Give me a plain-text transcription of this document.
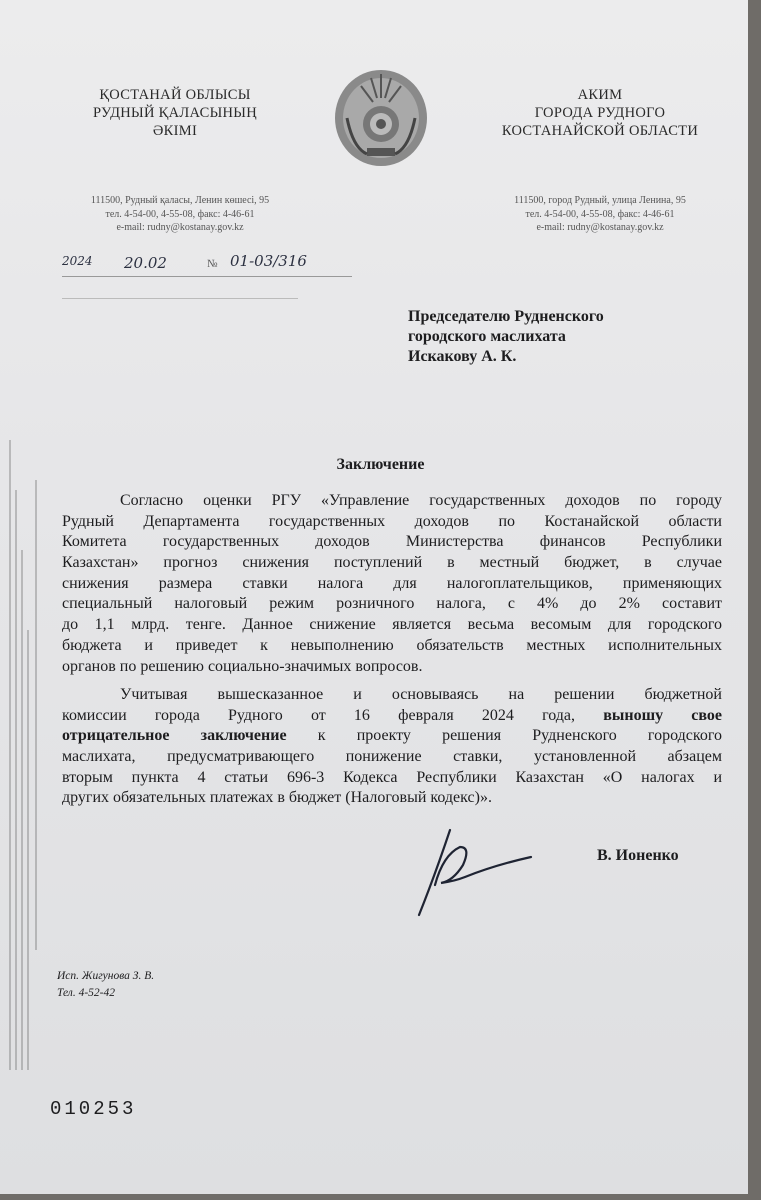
ҚОСТАНАЙ ОБЛЫСЫ
РУДНЫЙ ҚАЛАСЫНЫҢ
ӘКІМІ
АКИМ
ГОРОДА РУДНОГО
КОСТАНАЙСКОЙ ОБЛАСТИ
111500, Рудный қаласы, Ленин көшесі, 95
тел. 4-54-00, 4-55-08, факс: 4-46-61
e-mail: rudny@kostanay.gov.kz
111500, город Рудный, улица Ленина, 95
тел. 4-54-00, 4-55-08, факс: 4-46-61
e-mail: rudny@kostanay.gov.kz
2024 20.02	№ 01-03/316
Председателю Рудненского
городского маслихата
Искакову А. К.
Заключение
Согласно оценки РГУ «Управление государственных доходов по городу
Рудный Департамента государственных доходов по Костанайской области
Комитета государственных доходов Министерства финансов Республики
Казахстан» прогноз снижения поступлений в местный бюджет, в случае
снижения размера ставки налога для налогоплательщиков, применяющих
специальный налоговый режим розничного налога, с 4% до 2% составит
до 1,1 млрд. тенге. Данное снижение является весьма весомым для городского
бюджета и приведет к невыполнению обязательств местных исполнительных
органов по решению социально-значимых вопросов.
Учитывая вышесказанное и основываясь на решении бюджетной
комиссии города Рудного от 16 февраля 2024 года, выношу свое
отрицательное заключение к проекту решения Рудненского городского
маслихата, предусматривающего понижение ставки, установленной абзацем
вторым пункта 4 статьи 696-3 Кодекса Республики Казахстан «О налогах и
других обязательных платежах в бюджет (Налоговый кодекс)».
В. Ионенко
Исп. Жигунова З. В.
Тел. 4-52-42
010253
